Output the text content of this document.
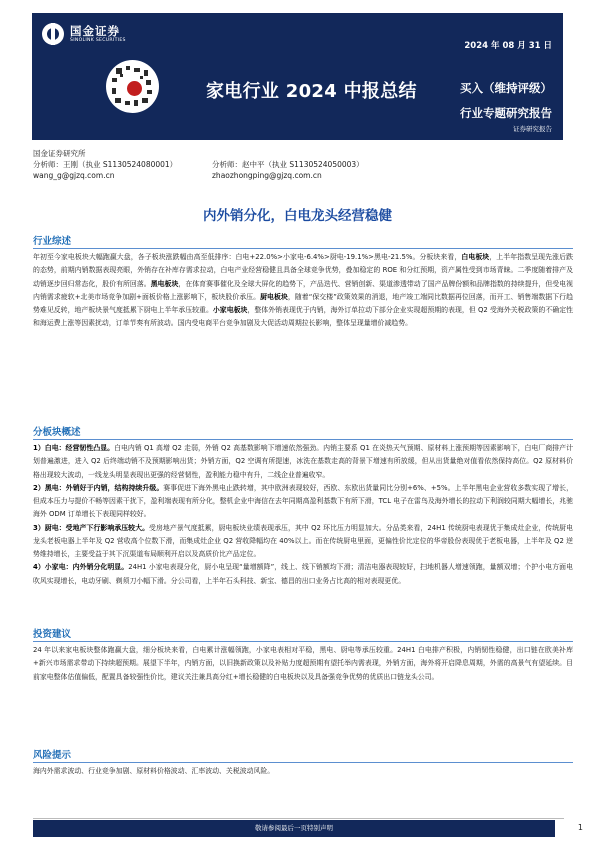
国金证券
SINOLINK SECURITIES
2024 年 08 月 31 日
家电行业 2024 中报总结	买入（维持评级）
行业专题研究报告
证券研究报告
国金证券研究所
分析师：王刚（执业 S1130524080001）
wang_g@gjzq.com.cn
分析师：赵中平（执业 S1130524050003）
zhaozhongping@gjzq.com.cn
内外销分化，白电龙头经营稳健
行业综述
年初至今家电板块大幅跑赢大盘，各子板块涨跌幅由高至低排序：白电+22.0%>小家电-6.4%>厨电-19.1%>黑电-21.5%。分板块来看，白电板块，上半年指数呈现先涨后跌的态势，前期内销数据表现亮眼，外销存在补库存需求拉动，白电产业经营稳健且具备全球竞争优势，叠加稳定的 ROE 和分红预期，资产属性受到市场青睐。二季度随着排产及动销逐步回归常态化，股价有所回落。黑电板块，在体育赛事催化及全球大屏化的趋势下，产品迭代、营销创新、渠道渗透带动了国产品牌份额和品牌指数的持续提升，但受电视内销需求疲软+北美市场竞争加剧+面板价格上涨影响下，板块股价承压。厨电板块，随着“保交楼”政策效果的消退，地产竣工端同比数据再位回落，而开工、销售端数据下行趋势难见反转，地产板块景气度抵累下厨电上半年承压较重。小家电板块，整体外销表现优于内销，海外订单拉动下部分企业实现超预期的表现，但 Q2 受海外关税政策的不确定性和海运费上涨等因素扰动，订单节奏有所波动。国内受电商平台竞争加剧及大促活动周期拉长影响，整体呈现量增价减趋势。
分板块概述
1）白电：经营韧性凸显。白电内销 Q1 高增 Q2 走弱，外销 Q2 高基数影响下增速依然强劲。内销主要系 Q1 在炎热天气预期、原材料上涨预期等因素影响下，白电厂商排产计划普遍激进，进入 Q2 后终端动销不及预期影响出货；外销方面，Q2 空调有所提速，冰洗在基数走高的背景下增速有所放缓，但从出货量绝对值看依然保持高位。Q2 原材料价格出现较大波动，一线龙头明显表现出更强的经营韧性，盈利能力稳中有升，二线企业普遍收窄。
2）黑电：外销好于内销，结构持续升级。赛事促进下海外黑电止跌转增，其中欧洲表现较好，西欧、东欧出货量同比分别+6%、+5%。上半年黑电企业营收多数实现了增长，但成本压力与提价不畅等因素干扰下，盈利端表现有所分化，整机企业中海信在去年同期高盈利基数下有所下滑，TCL 电子在雷鸟及海外增长的拉动下利润较同期大幅增长，兆驰海外 ODM 订单增长下表现同样较好。
3）厨电：受地产下行影响承压较大。受房地产景气度抵累，厨电板块业绩表现承压，其中 Q2 环比压力明显加大。分品类来看，24H1 传统厨电表现优于集成灶企业，传统厨电龙头老板电器上半年及 Q2 营收高个位数下滑，而集成灶企业 Q2 营收降幅均在 40%以上。而在传统厨电里面，更偏性价比定位的华帝股份表现优于老板电器，上半年及 Q2 逆势维持增长，主要受益于其下沉渠道布局顺利开启以及高质价比产品定位。
4）小家电：内外销分化明显。24H1 小家电表现分化，厨小电呈现“量增额降”，线上、线下销额均下滑；清洁电器表现较好，扫地机器人增速领跑，量额双增；个护小电方面电吹风实现增长，电动牙刷、剃须刀小幅下滑。分公司看，上半年石头科技、新宝、德昌的出口业务占比高的相对表现更优。
投资建议
24 年以来家电板块整体跑赢大盘，细分板块来看，白电累计涨幅领跑，小家电表相对平稳，黑电、厨电等承压较重。24H1 白电排产积极，内销韧性稳健，出口链在欧美补库+新兴市场需求带动下持续超预期。展望下半年，内销方面，以旧换新政策以及补贴力度超预期有望托举内需表现，外销方面，海外将开启降息周期，外需的高景气有望延续。目前家电整体估值偏低，配置具备较强性价比，建议关注兼具高分红+增长稳健的白电板块以及具备强竞争优势的优质出口链龙头公司。
风险提示
海内外需求波动、行业竞争加剧、原材料价格波动、汇率波动、关税波动风险。
敬请参阅最后一页特别声明	1
